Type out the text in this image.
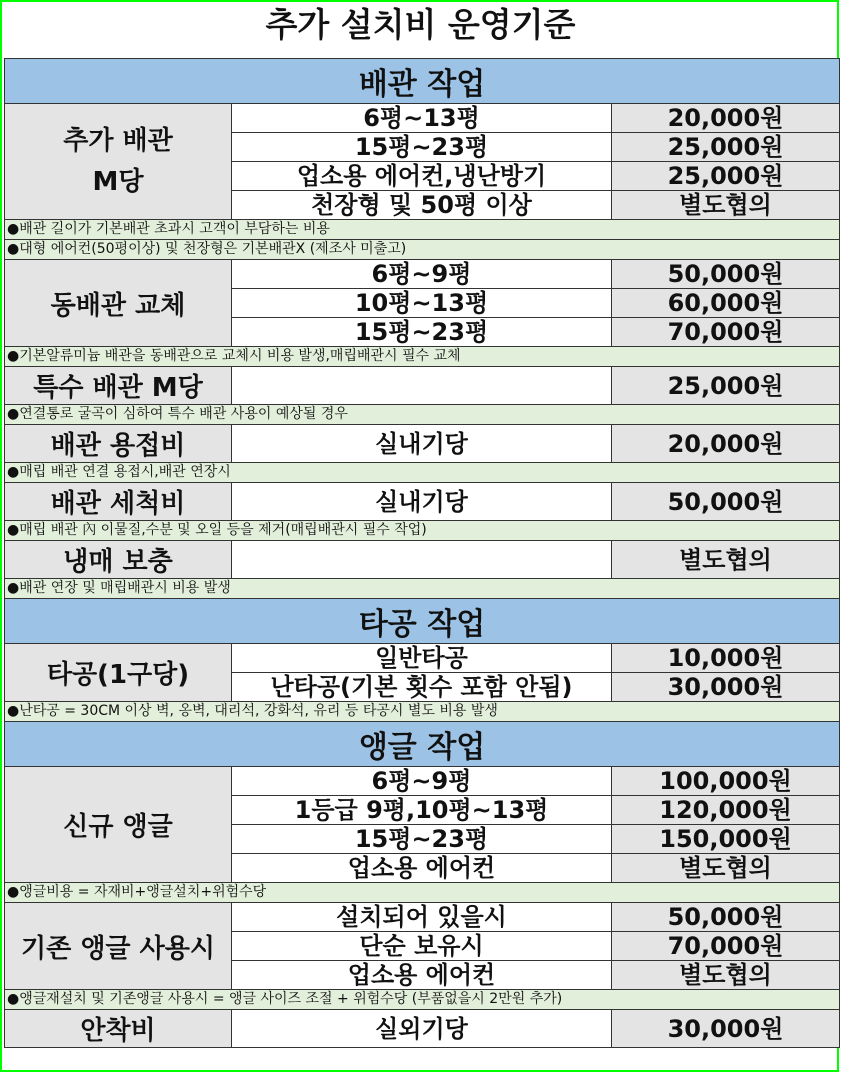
추가 설치비 운영기준
배관 작업		
추가 배관
M당	6평~13평	20,000원
	15평~23평	25,000원
	업소용 에어컨,냉난방기	25,000원
	천장형 및 50평 이상	별도협의
●배관 길이가 기본배관 초과시 고객이 부담하는 비용		
●대형 에어컨(50평이상) 및 천장형은 기본배관X (제조사 미출고)		
동배관 교체	6평~9평	50,000원
	10평~13평	60,000원
	15평~23평	70,000원
●기본알류미늄 배관을 동배관으로 교체시 비용 발생,매립배관시 필수 교체		
특수 배관 M당		25,000원
●연결통로 굴곡이 심하여 특수 배관 사용이 예상될 경우		
배관 용접비	실내기당	20,000원
●매립 배관 연결 용접시,배관 연장시		
배관 세척비	실내기당	50,000원
●매립 배관 內 이물질,수분 및 오일 등을 제거(매립배관시 필수 작업)		
냉매 보충		별도협의
●배관 연장 및 매립배관시 비용 발생		
타공 작업		
타공(1구당)	일반타공	10,000원
	난타공(기본 횟수 포함 안됨)	30,000원
●난타공 = 30CM 이상 벽, 옹벽, 대리석, 강화석, 유리 등 타공시 별도 비용 발생		
앵글 작업		
신규 앵글	6평~9평	100,000원
	1등급 9평,10평~13평	120,000원
	15평~23평	150,000원
	업소용 에어컨	별도협의
●앵글비용 = 자재비+앵글설치+위험수당		
기존 앵글 사용시	설치되어 있을시	50,000원
	단순 보유시	70,000원
	업소용 에어컨	별도협의
●앵글재설치 및 기존앵글 사용시 = 앵글 사이즈 조절 + 위험수당 (부품없을시 2만원 추가)		
안착비	실외기당	30,000원
